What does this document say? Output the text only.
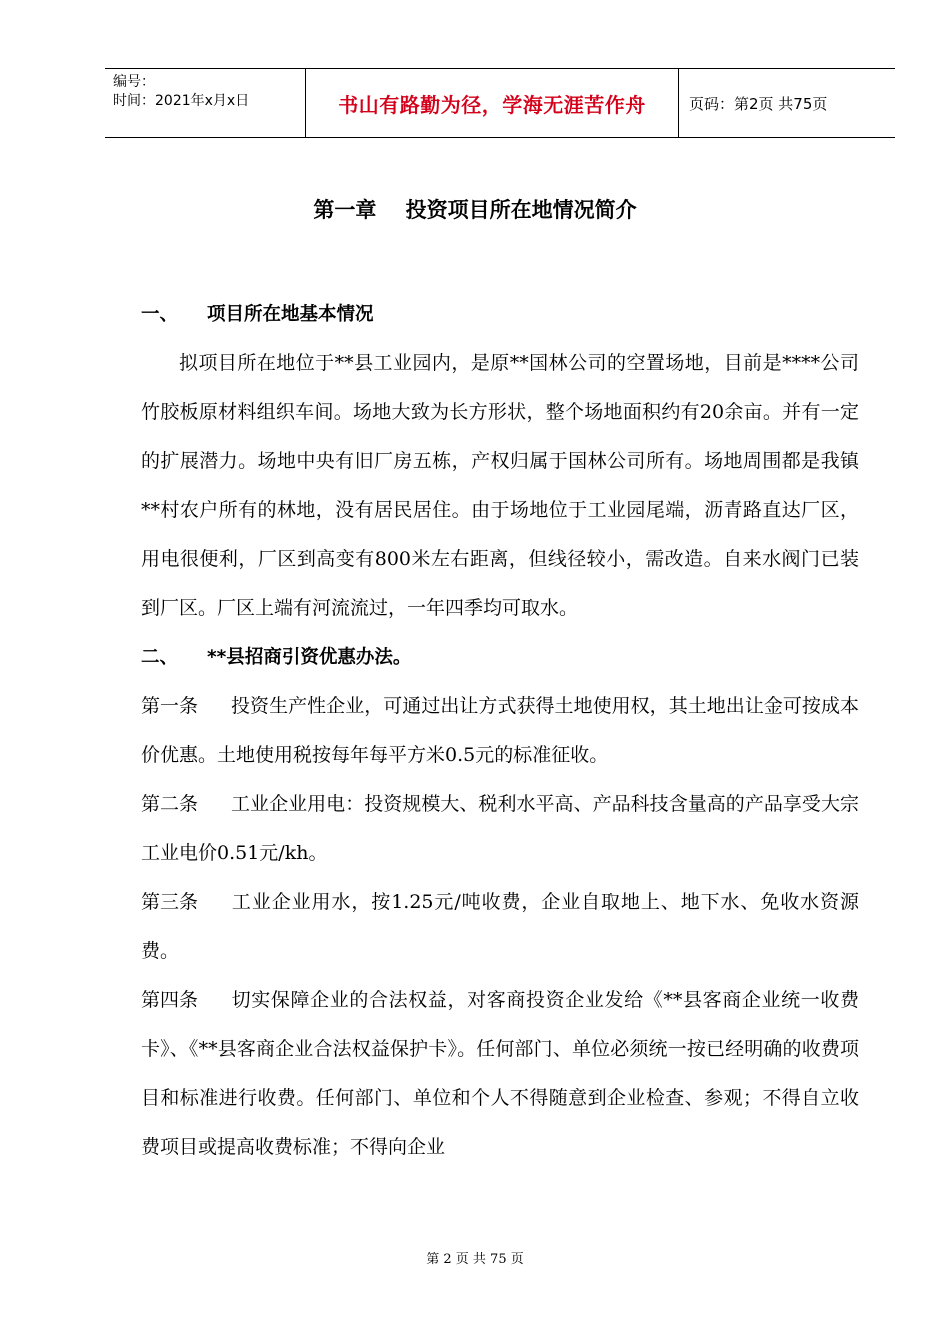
编号：
时间：2021年x月x日	书山有路勤为径，学海无涯苦作舟	页码：第2页 共75页
第一章    投资项目所在地情况简介
一、	项目所在地基本情况
拟项目所在地位于**县工业园内，是原**国林公司的空置场地，目前是****公司竹胶板原材料组织车间。场地大致为长方形状，整个场地面积约有20余亩。并有一定的扩展潜力。场地中央有旧厂房五栋，产权归属于国林公司所有。场地周围都是我镇**村农户所有的林地，没有居民居住。由于场地位于工业园尾端，沥青路直达厂区，用电很便利，厂区到高变有800米左右距离，但线径较小，需改造。自来水阀门已装到厂区。厂区上端有河流流过，一年四季均可取水。
二、	**县招商引资优惠办法。
第一条 投资生产性企业，可通过出让方式获得土地使用权，其土地出让金可按成本价优惠。土地使用税按每年每平方米0.5元的标准征收。
第二条 工业企业用电：投资规模大、税利水平高、产品科技含量高的产品享受大宗工业电价0.51元/kh。
第三条 工业企业用水，按1.25元/吨收费，企业自取地上、地下水、免收水资源费。
第四条 切实保障企业的合法权益，对客商投资企业发给《**县客商企业统一收费卡》、《**县客商企业合法权益保护卡》。任何部门、单位必须统一按已经明确的收费项目和标准进行收费。任何部门、单位和个人不得随意到企业检查、参观；不得自立收费项目或提高收费标准；不得向企业
第 2 页 共 75 页
